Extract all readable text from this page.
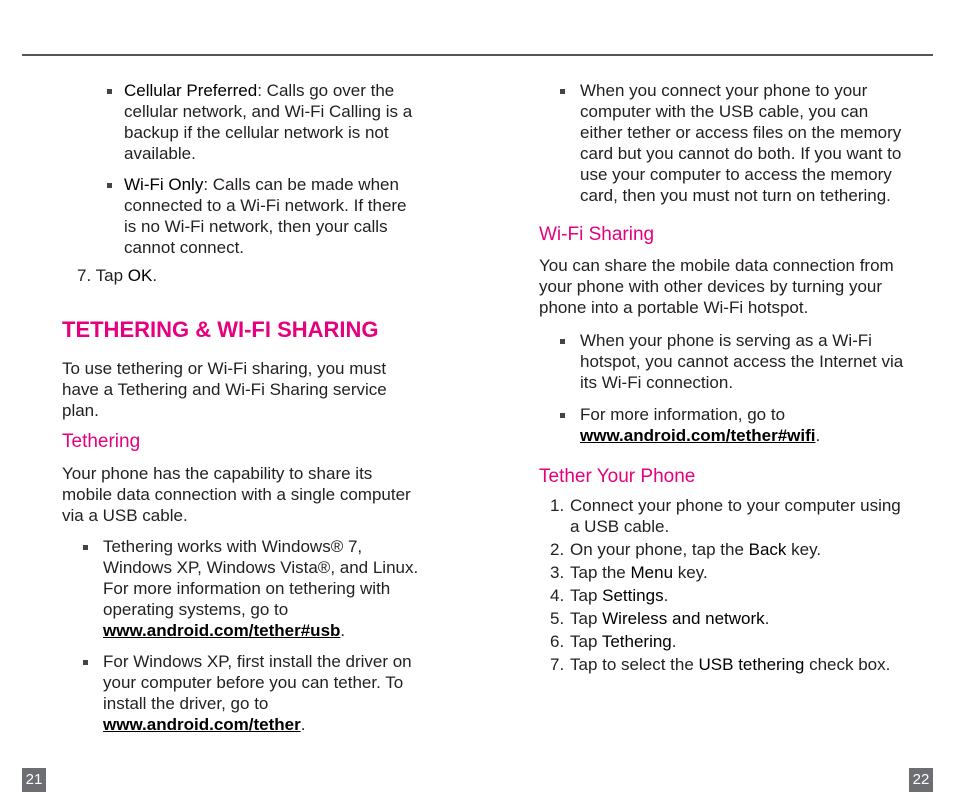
Cellular Preferred: Calls go over the cellular network, and Wi-Fi Calling is a backup if the cellular network is not available.
Wi-Fi Only: Calls can be made when connected to a Wi-Fi network. If there is no Wi-Fi network, then your calls cannot connect.

7. Tap OK.

TETHERING & WI-FI SHARING

To use tethering or Wi-Fi sharing, you must have a Tethering and Wi-Fi Sharing service plan.

Tethering

Your phone has the capability to share its mobile data connection with a single computer via a USB cable.

Tethering works with Windows® 7, Windows XP, Windows Vista®, and Linux. For more information on tethering with operating systems, go to www.android.com/tether#usb.
For Windows XP, first install the driver on your computer before you can tether. To install the driver, go to www.android.com/tether.
When you connect your phone to your computer with the USB cable, you can either tether or access files on the memory card but you cannot do both. If you want to use your computer to access the memory card, then you must not turn on tethering.
Wi-Fi Sharing

You can share the mobile data connection from your phone with other devices by turning your phone into a portable Wi-Fi hotspot.

When your phone is serving as a Wi-Fi hotspot, you cannot access the Internet via its Wi-Fi connection.
For more information, go to www.android.com/tether#wifi.
Tether Your Phone
1. Connect your phone to your computer using a USB cable.
2. On your phone, tap the Back key.
3. Tap the Menu key.
4. Tap Settings.
5. Tap Wireless and network.
6. Tap Tethering.
7. Tap to select the USB tethering check box.
21	22
